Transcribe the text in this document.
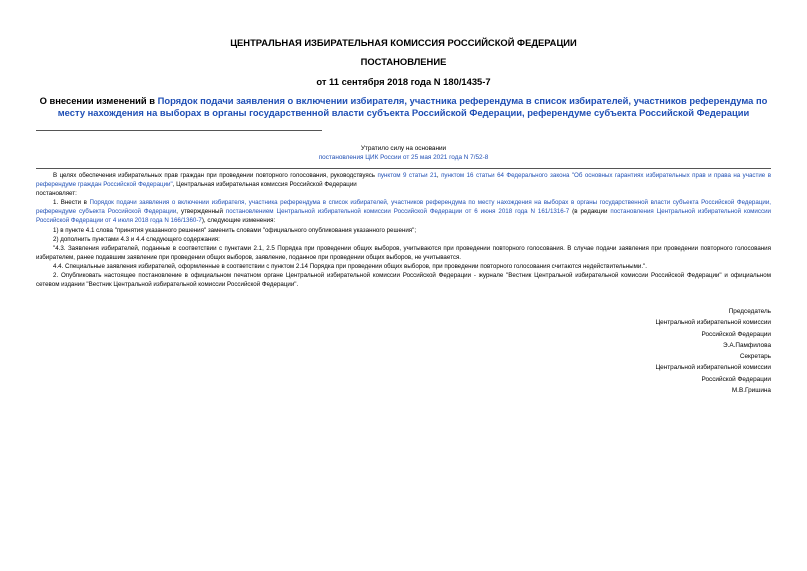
ЦЕНТРАЛЬНАЯ ИЗБИРАТЕЛЬНАЯ КОМИССИЯ РОССИЙСКОЙ ФЕДЕРАЦИИ
ПОСТАНОВЛЕНИЕ
от 11 сентября 2018 года N 180/1435-7
О внесении изменений в Порядок подачи заявления о включении избирателя, участника референдума в список избирателей, участников референдума по месту нахождения на выборах в органы государственной власти субъекта Российской Федерации, референдуме субъекта Российской Федерации
Утратило силу на основании
постановления ЦИК России от 25 мая 2021 года N 7/52-8

В целях обеспечения избирательных прав граждан при проведении повторного голосования, руководствуясь пунктом 9 статьи 21, пунктом 16 статьи 64 Федерального закона "Об основных гарантиях избирательных прав и права на участие в референдуме граждан Российской Федерации", Центральная избирательная комиссия Российской Федерации

постановляет:

1. Внести в Порядок подачи заявления о включении избирателя, участника референдума в список избирателей, участников референдума по месту нахождения на выборах в органы государственной власти субъекта Российской Федерации, референдуме субъекта Российской Федерации, утвержденный постановлением Центральной избирательной комиссии Российской Федерации от 6 июня 2018 года N 161/1316-7 (в редакции постановления Центральной избирательной комиссии Российской Федерации от 4 июля 2018 года N 166/1360-7), следующие изменения:

1) в пункте 4.1 слова "принятия указанного решения" заменить словами "официального опубликования указанного решения";

2) дополнить пунктами 4.3 и 4.4 следующего содержания:

"4.3. Заявления избирателей, поданные в соответствии с пунктами 2.1, 2.5 Порядка при проведении общих выборов, учитываются при проведении повторного голосования. В случае подачи заявления при проведении повторного голосования избирателем, ранее подавшим заявление при проведении общих выборов, заявление, поданное при проведении общих выборов, не учитывается.

4.4. Специальные заявления избирателей, оформленные в соответствии с пунктом 2.14 Порядка при проведении общих выборов, при проведении повторного голосования считаются недействительными.".

2. Опубликовать настоящее постановление в официальном печатном органе Центральной избирательной комиссии Российской Федерации - журнале "Вестник Центральной избирательной комиссии Российской Федерации" и официальном сетевом издании "Вестник Центральной избирательной комиссии Российской Федерации".

Председатель
Центральной избирательной комиссии
Российской Федерации
Э.А.Памфилова
Секретарь
Центральной избирательной комиссии
Российской Федерации
М.В.Гришина
